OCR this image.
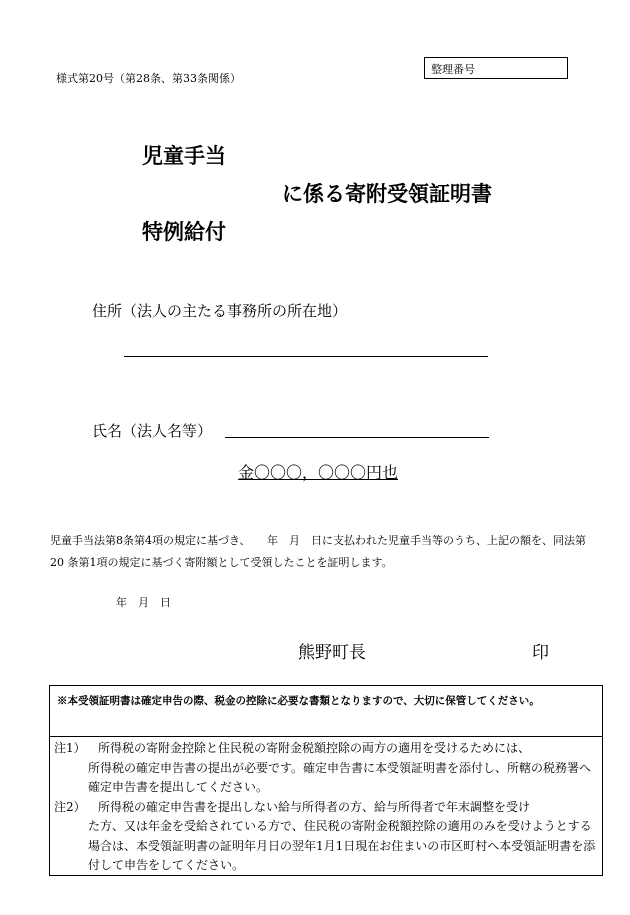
様式第20号（第28条、第33条関係）
整理番号
児童手当
に係る寄附受領証明書
特例給付
住所（法人の主たる事務所の所在地）
氏名（法人名等）
金〇〇〇，〇〇〇円也
児童手当法第8条第4項の規定に基づき、　　年　月　日に支払われた児童手当等のうち、上記の額を、同法第 20 条第1項の規定に基づく寄附額として受領したことを証明します。
年　月　日
熊野町長	印
※本受領証明書は確定申告の際、税金の控除に必要な書類となりますので、大切に保管してください。
注1）	所得税の寄附金控除と住民税の寄附金税額控除の両方の適用を受けるためには、
所得税の確定申告書の提出が必要です。確定申告書に本受領証明書を添付し、所轄の税務署へ確定申告書を提出してください。
注2）	所得税の確定申告書を提出しない給与所得者の方、給与所得者で年末調整を受け
た方、又は年金を受給されている方で、住民税の寄附金税額控除の適用のみを受けようとする場合は、本受領証明書の証明年月日の翌年1月1日現在お住まいの市区町村へ本受領証明書を添付して申告をしてください。
